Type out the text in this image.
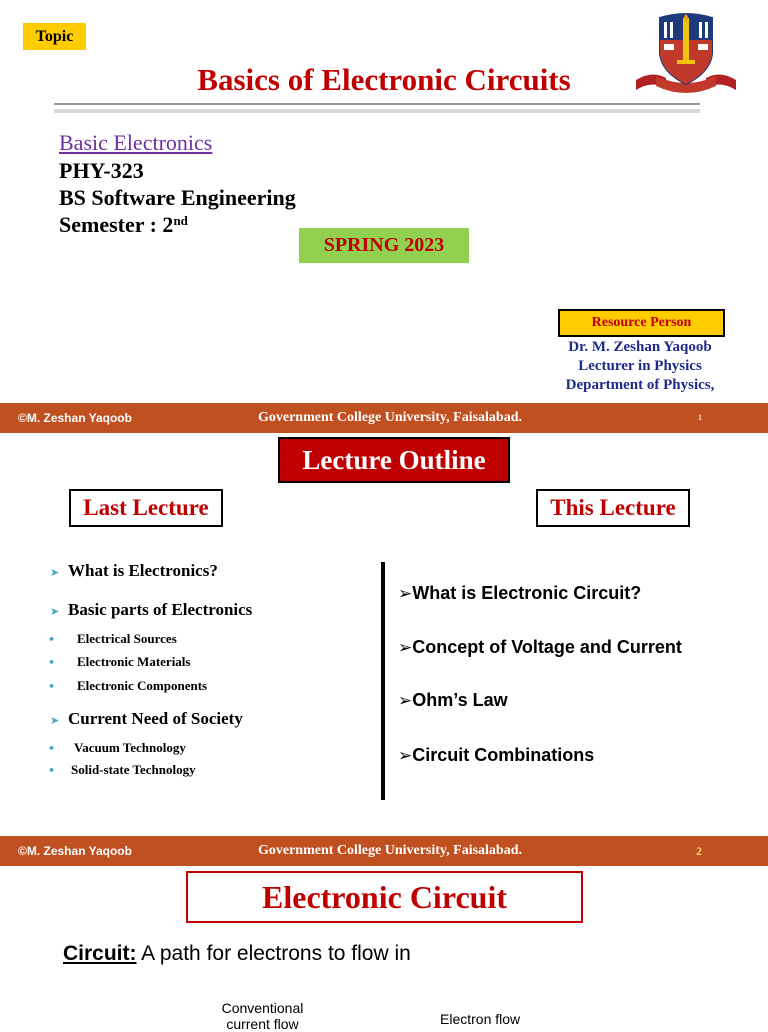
Topic
Basics of Electronic Circuits
Basic Electronics
PHY-323
BS Software Engineering
Semester : 2nd
SPRING 2023
Resource Person
Dr. M. Zeshan Yaqoob
Lecturer in Physics
Department of Physics,
©M. Zeshan Yaqoob	Government College University, Faisalabad.	1
Lecture Outline
Last Lecture	This Lecture
➤ What is Electronics?
➤ Basic parts of Electronics
• Electrical Sources
• Electronic Materials
• Electronic Components
➤ Current Need of Society
• Vacuum Technology
• Solid-state Technology
➢What is Electronic Circuit?
➢Concept of Voltage and Current
➢Ohm’s Law
➢Circuit Combinations
©M. Zeshan Yaqoob	Government College University, Faisalabad.	2
Electronic Circuit
Circuit: A path for electrons to flow in
Conventional current flow	Electron flow
